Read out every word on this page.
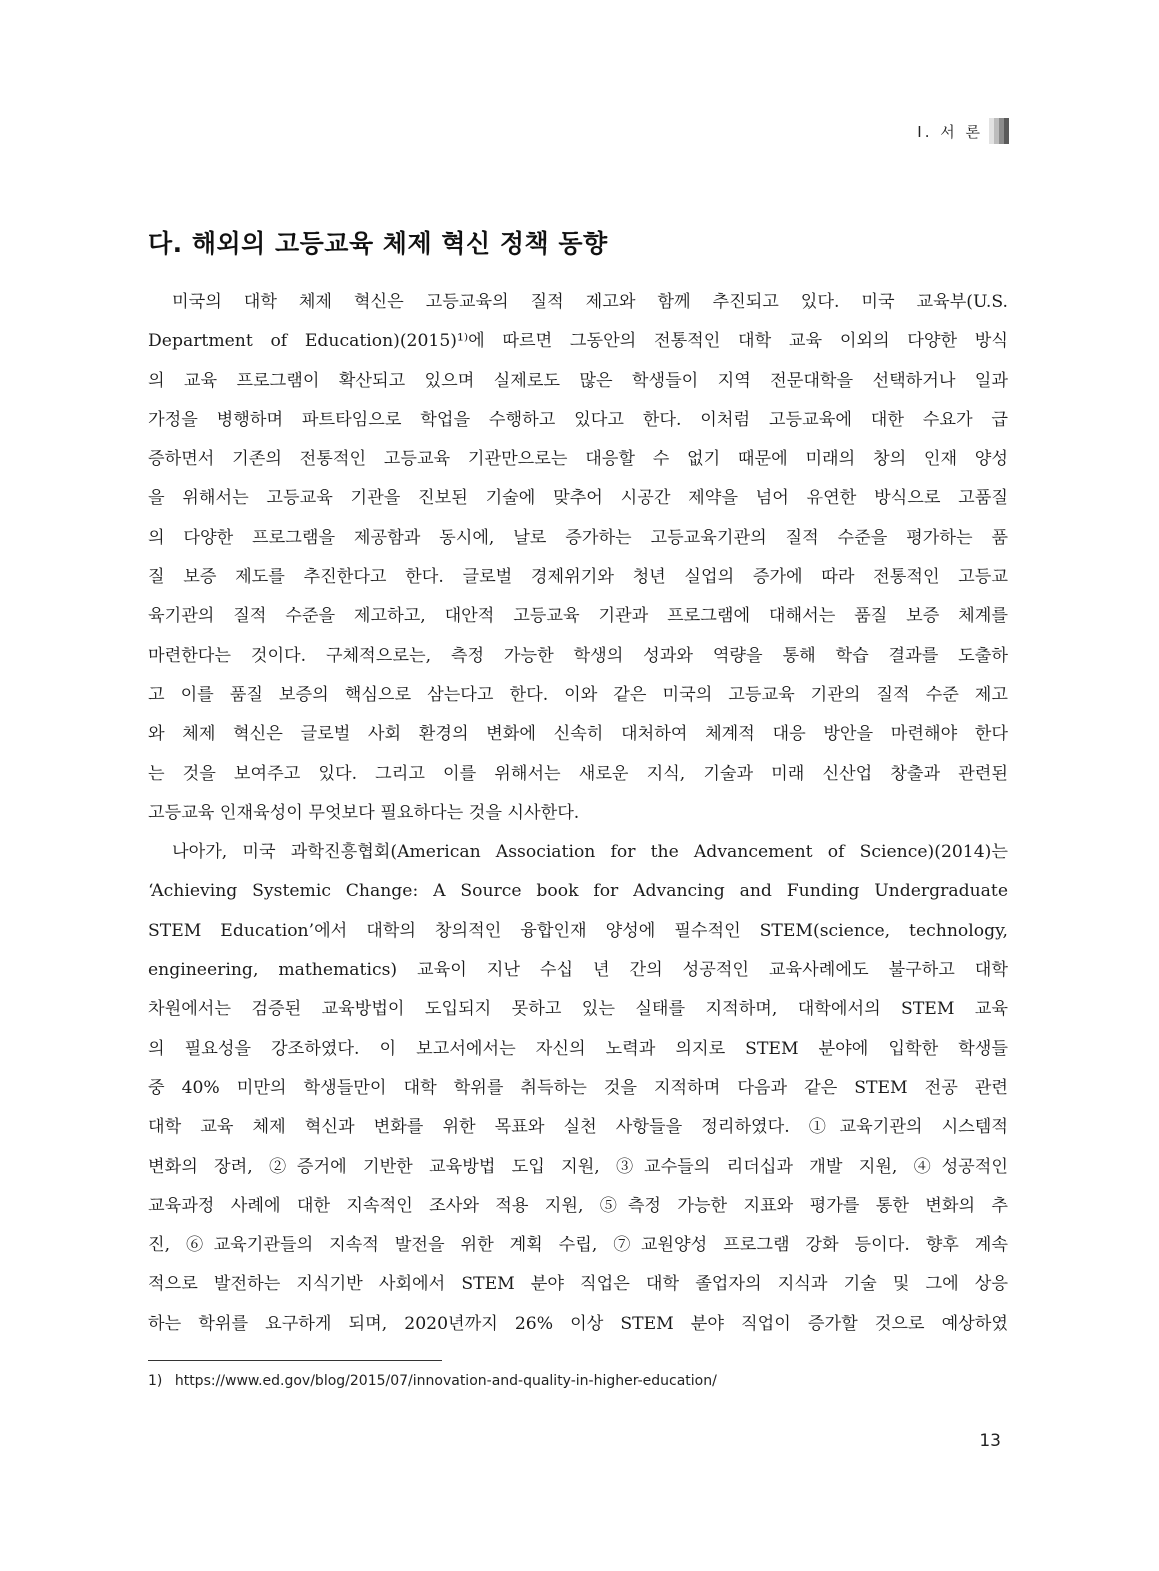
Ⅰ. 서 론
다. 해외의 고등교육 체제 혁신 정책 동향
미국의 대학 체제 혁신은 고등교육의 질적 제고와 함께 추진되고 있다. 미국 교육부(U.S.
Department of Education)(2015)¹⁾에 따르면 그동안의 전통적인 대학 교육 이외의 다양한 방식
의 교육 프로그램이 확산되고 있으며 실제로도 많은 학생들이 지역 전문대학을 선택하거나 일과
가정을 병행하며 파트타임으로 학업을 수행하고 있다고 한다. 이처럼 고등교육에 대한 수요가 급
증하면서 기존의 전통적인 고등교육 기관만으로는 대응할 수 없기 때문에 미래의 창의 인재 양성
을 위해서는 고등교육 기관을 진보된 기술에 맞추어 시공간 제약을 넘어 유연한 방식으로 고품질
의 다양한 프로그램을 제공함과 동시에, 날로 증가하는 고등교육기관의 질적 수준을 평가하는 품
질 보증 제도를 추진한다고 한다. 글로벌 경제위기와 청년 실업의 증가에 따라 전통적인 고등교
육기관의 질적 수준을 제고하고, 대안적 고등교육 기관과 프로그램에 대해서는 품질 보증 체계를
마련한다는 것이다. 구체적으로는, 측정 가능한 학생의 성과와 역량을 통해 학습 결과를 도출하
고 이를 품질 보증의 핵심으로 삼는다고 한다. 이와 같은 미국의 고등교육 기관의 질적 수준 제고
와 체제 혁신은 글로벌 사회 환경의 변화에 신속히 대처하여 체계적 대응 방안을 마련해야 한다
는 것을 보여주고 있다. 그리고 이를 위해서는 새로운 지식, 기술과 미래 신산업 창출과 관련된
고등교육 인재육성이 무엇보다 필요하다는 것을 시사한다.
나아가, 미국 과학진흥협회(American Association for the Advancement of Science)(2014)는
‘Achieving Systemic Change: A Source book for Advancing and Funding Undergraduate
STEM Education’에서 대학의 창의적인 융합인재 양성에 필수적인 STEM(science, technology,
engineering, mathematics) 교육이 지난 수십 년 간의 성공적인 교육사례에도 불구하고 대학
차원에서는 검증된 교육방법이 도입되지 못하고 있는 실태를 지적하며, 대학에서의 STEM 교육
의 필요성을 강조하였다. 이 보고서에서는 자신의 노력과 의지로 STEM 분야에 입학한 학생들
중 40% 미만의 학생들만이 대학 학위를 취득하는 것을 지적하며 다음과 같은 STEM 전공 관련
대학 교육 체제 혁신과 변화를 위한 목표와 실천 사항들을 정리하였다. ①교육기관의 시스템적
변화의 장려, ②증거에 기반한 교육방법 도입 지원, ③교수들의 리더십과 개발 지원, ④성공적인
교육과정 사례에 대한 지속적인 조사와 적용 지원, ⑤측정 가능한 지표와 평가를 통한 변화의 추
진, ⑥교육기관들의 지속적 발전을 위한 계획 수립, ⑦교원양성 프로그램 강화 등이다. 향후 계속
적으로 발전하는 지식기반 사회에서 STEM 분야 직업은 대학 졸업자의 지식과 기술 및 그에 상응
하는 학위를 요구하게 되며, 2020년까지 26% 이상 STEM 분야 직업이 증가할 것으로 예상하였
1) https://www.ed.gov/blog/2015/07/innovation-and-quality-in-higher-education/
13
